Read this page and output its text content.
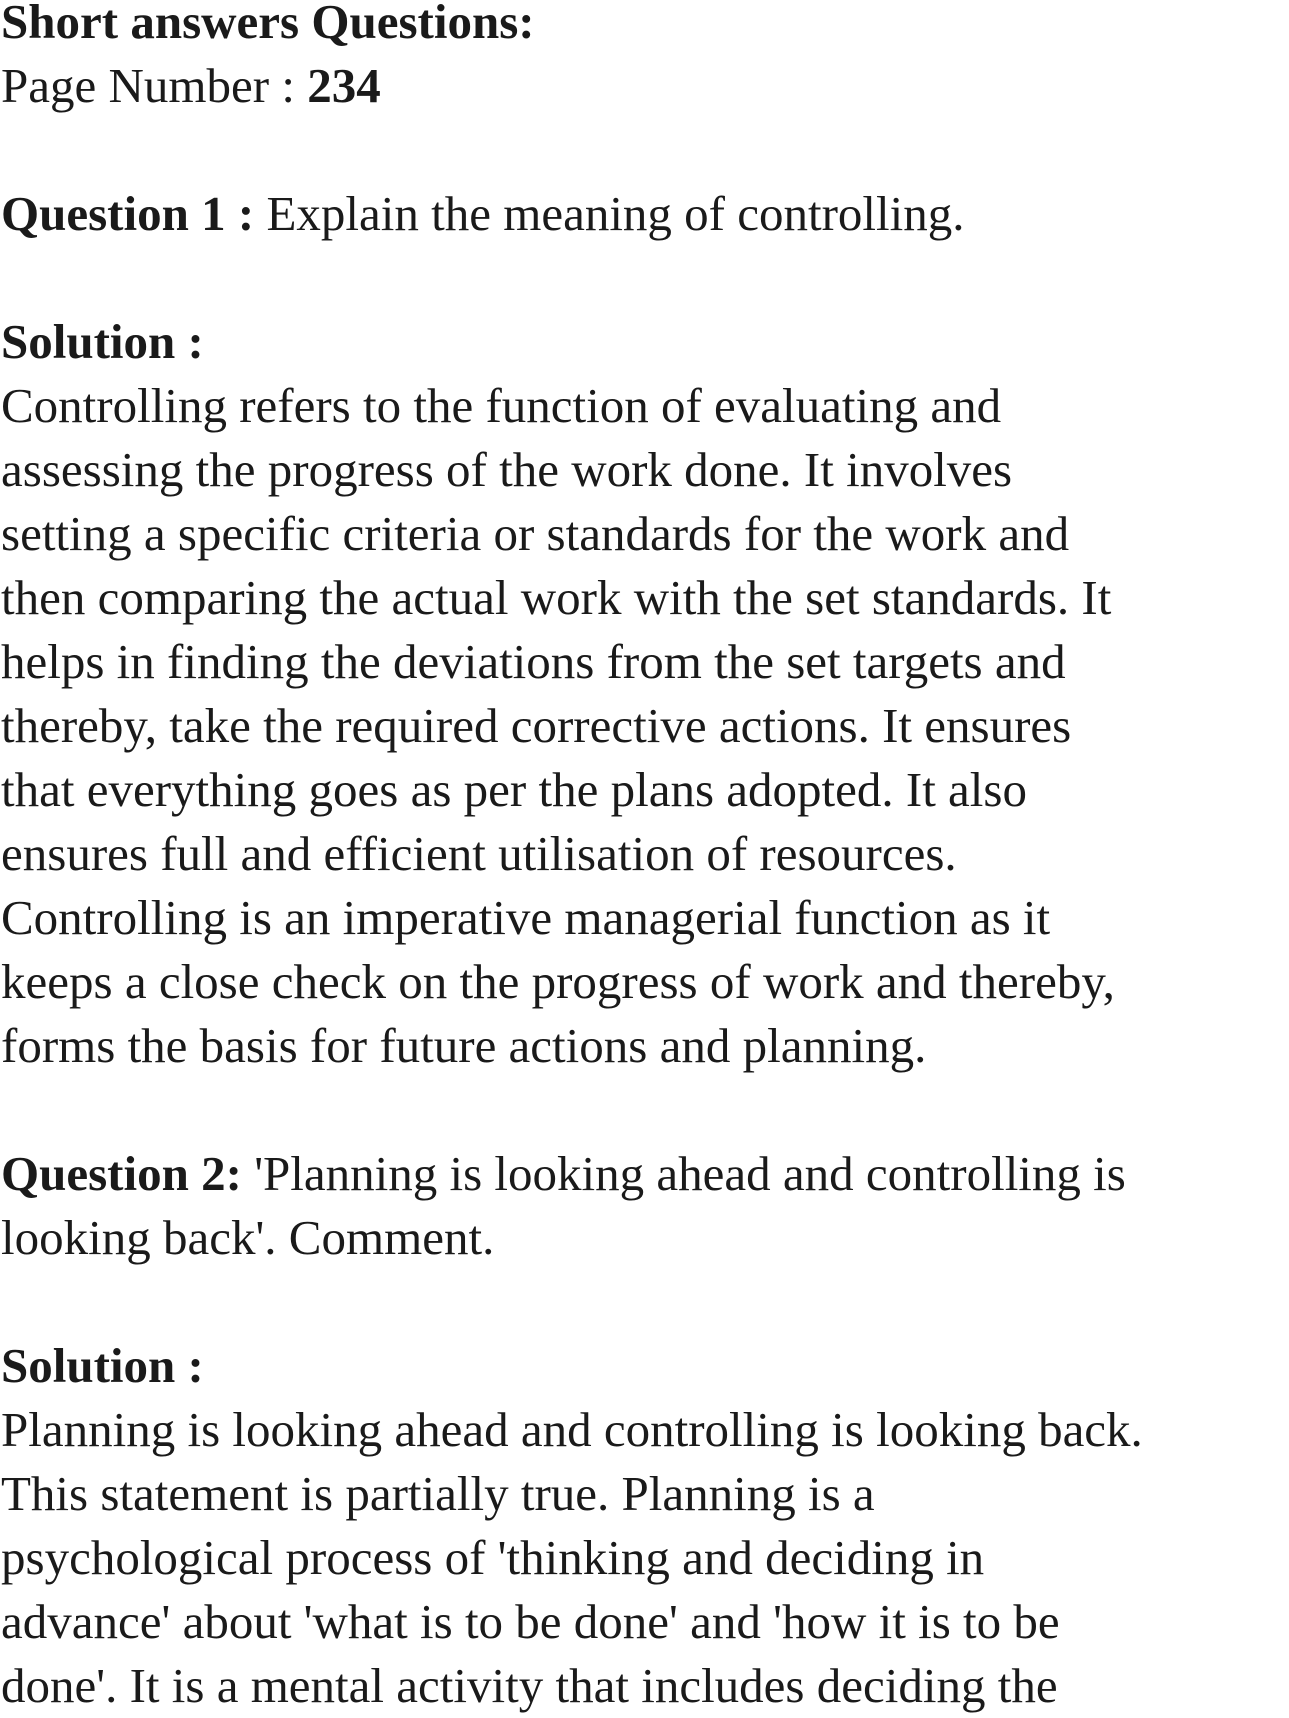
Short answers Questions:
Page Number : 234
Question 1 : Explain the meaning of controlling.
Solution :
Controlling refers to the function of evaluating and
assessing the progress of the work done. It involves
setting a specific criteria or standards for the work and
then comparing the actual work with the set standards. It
helps in finding the deviations from the set targets and
thereby, take the required corrective actions. It ensures
that everything goes as per the plans adopted. It also
ensures full and efficient utilisation of resources.
Controlling is an imperative managerial function as it
keeps a close check on the progress of work and thereby,
forms the basis for future actions and planning.
Question 2: 'Planning is looking ahead and controlling is
looking back'. Comment.
Solution :
Planning is looking ahead and controlling is looking back.
This statement is partially true. Planning is a
psychological process of 'thinking and deciding in
advance' about 'what is to be done' and 'how it is to be
done'. It is a mental activity that includes deciding the
